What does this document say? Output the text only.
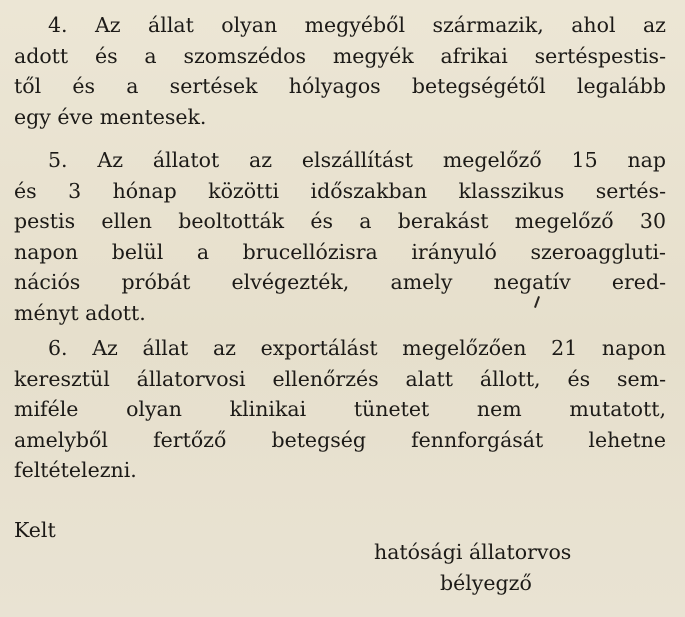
4. Az állat olyan megyéből származik, ahol az
adott és a szomszédos megyék afrikai sertéspestis-
től és a sertések hólyagos betegségétől legalább
egy éve mentesek.
5. Az állatot az elszállítást megelőző 15 nap
és 3 hónap közötti időszakban klasszikus sertés-
pestis ellen beoltották és a berakást megelőző 30
napon belül a brucellózisra irányuló szeroaggluti-
nációs próbát elvégezték, amely negatív ered-
ményt adott.
6. Az állat az exportálást megelőzően 21 napon
keresztül állatorvosi ellenőrzés alatt állott, és sem-
miféle olyan klinikai tünetet nem mutatott,
amelyből fertőző betegség fennforgását lehetne
feltételezni.
Kelt
hatósági állatorvos
bélyegző
